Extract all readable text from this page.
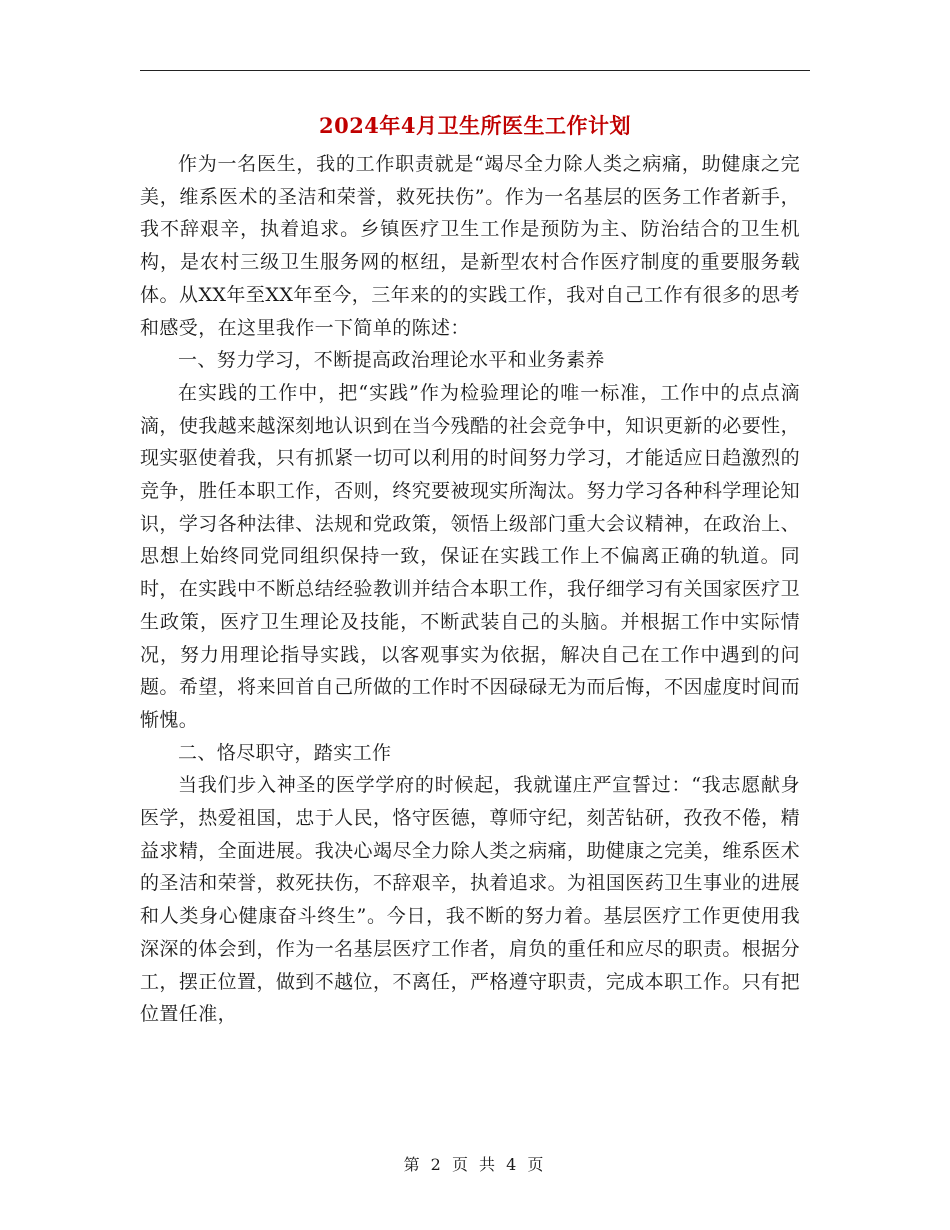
2024年4月卫生所医生工作计划

作为一名医生，我的工作职责就是“竭尽全力除人类之病痛，助健康之完美，维系医术的圣洁和荣誉，救死扶伤”。作为一名基层的医务工作者新手，我不辞艰辛，执着追求。乡镇医疗卫生工作是预防为主、防治结合的卫生机构，是农村三级卫生服务网的枢纽，是新型农村合作医疗制度的重要服务载体。从XX年至XX年至今，三年来的的实践工作，我对自己工作有很多的思考和感受，在这里我作一下简单的陈述：

一、努力学习，不断提高政治理论水平和业务素养

在实践的工作中，把“实践”作为检验理论的唯一标准，工作中的点点滴滴，使我越来越深刻地认识到在当今残酷的社会竞争中，知识更新的必要性，现实驱使着我，只有抓紧一切可以利用的时间努力学习，才能适应日趋激烈的竞争，胜任本职工作，否则，终究要被现实所淘汰。努力学习各种科学理论知识，学习各种法律、法规和党政策，领悟上级部门重大会议精神，在政治上、思想上始终同党同组织保持一致，保证在实践工作上不偏离正确的轨道。同时，在实践中不断总结经验教训并结合本职工作，我仔细学习有关国家医疗卫生政策，医疗卫生理论及技能，不断武装自己的头脑。并根据工作中实际情况，努力用理论指导实践，以客观事实为依据，解决自己在工作中遇到的问题。希望，将来回首自己所做的工作时不因碌碌无为而后悔，不因虚度时间而惭愧。

二、恪尽职守，踏实工作

当我们步入神圣的医学学府的时候起，我就谨庄严宣誓过：“我志愿献身医学，热爱祖国，忠于人民，恪守医德，尊师守纪，刻苦钻研，孜孜不倦，精益求精，全面进展。我决心竭尽全力除人类之病痛，助健康之完美，维系医术的圣洁和荣誉，救死扶伤，不辞艰辛，执着追求。为祖国医药卫生事业的进展和人类身心健康奋斗终生”。今日，我不断的努力着。基层医疗工作更使用我深深的体会到，作为一名基层医疗工作者，肩负的重任和应尽的职责。根据分工，摆正位置，做到不越位，不离任，严格遵守职责，完成本职工作。只有把位置任准，

第 2 页 共 4 页
